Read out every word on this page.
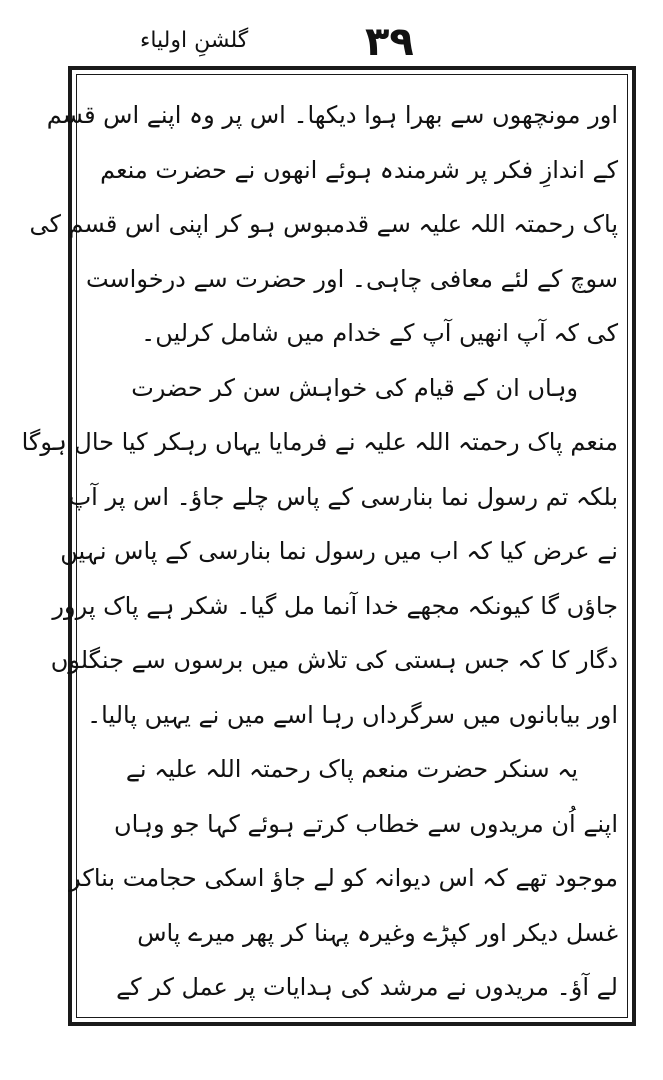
گلشنِ اولیاء	۳۹
اور مونچھوں سے بھرا ہوا دیکھا۔ اس پر وہ اپنے اس قسم
کے اندازِ فکر پر شرمندہ ہوئے انھوں نے حضرت منعم
پاک رحمتہ اللہ علیہ سے قدمبوس ہو کر اپنی اس قسم کی
سوچ کے لئے معافی چاہی۔ اور حضرت سے درخواست
کی کہ آپ انھیں آپ کے خدام میں شامل کرلیں۔
وہاں ان کے قیام کی خواہش سن کر حضرت
منعم پاک رحمتہ اللہ علیہ نے فرمایا یہاں رہکر کیا حال ہوگا
بلکہ تم رسول نما بنارسی کے پاس چلے جاؤ۔ اس پر آپ
نے عرض کیا کہ اب میں رسول نما بنارسی کے پاس نہیں
جاؤں گا کیونکہ مجھے خدا آنما مل گیا۔ شکر ہے پاک پرور
دگار کا کہ جس ہستی کی تلاش میں برسوں سے جنگلوں
اور بیابانوں میں سرگرداں رہا اسے میں نے یہیں پالیا۔
یہ سنکر حضرت منعم پاک رحمتہ اللہ علیہ نے
اپنے اُن مریدوں سے خطاب کرتے ہوئے کہا جو وہاں
موجود تھے کہ اس دیوانہ کو لے جاؤ اسکی حجامت بناکر
غسل دیکر اور کپڑے وغیرہ پہنا کر پھر میرے پاس
لے آؤ۔ مریدوں نے مرشد کی ہدایات پر عمل کر کے
